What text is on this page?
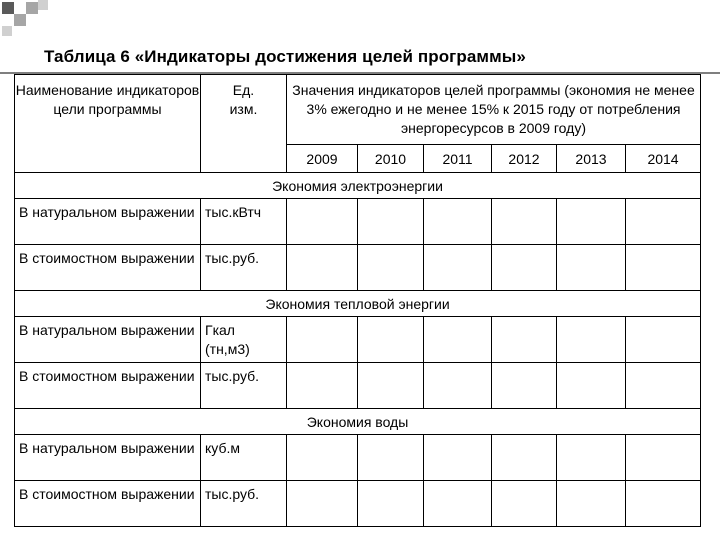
Таблица 6 «Индикаторы достижения целей программы»
Наименование индикаторов цели программы	Ед. изм.	Значения индикаторов целей программы (экономия не менее 3% ежегодно и не менее 15% к 2015 году от потребления энергоресурсов в 2009 году)					
		2009	2010	2011	2012	2013	2014
Экономия электроэнергии							
В натуральном выражении	тыс.кВтч						
В стоимостном выражении	тыс.руб.						
Экономия тепловой энергии							
В натуральном выражении	Гкал (тн,м3)						

В стоимостном выражении	тыс.руб.						
Экономия воды							
В натуральном выражении	куб.м						
В стоимостном выражении	тыс.руб.						
